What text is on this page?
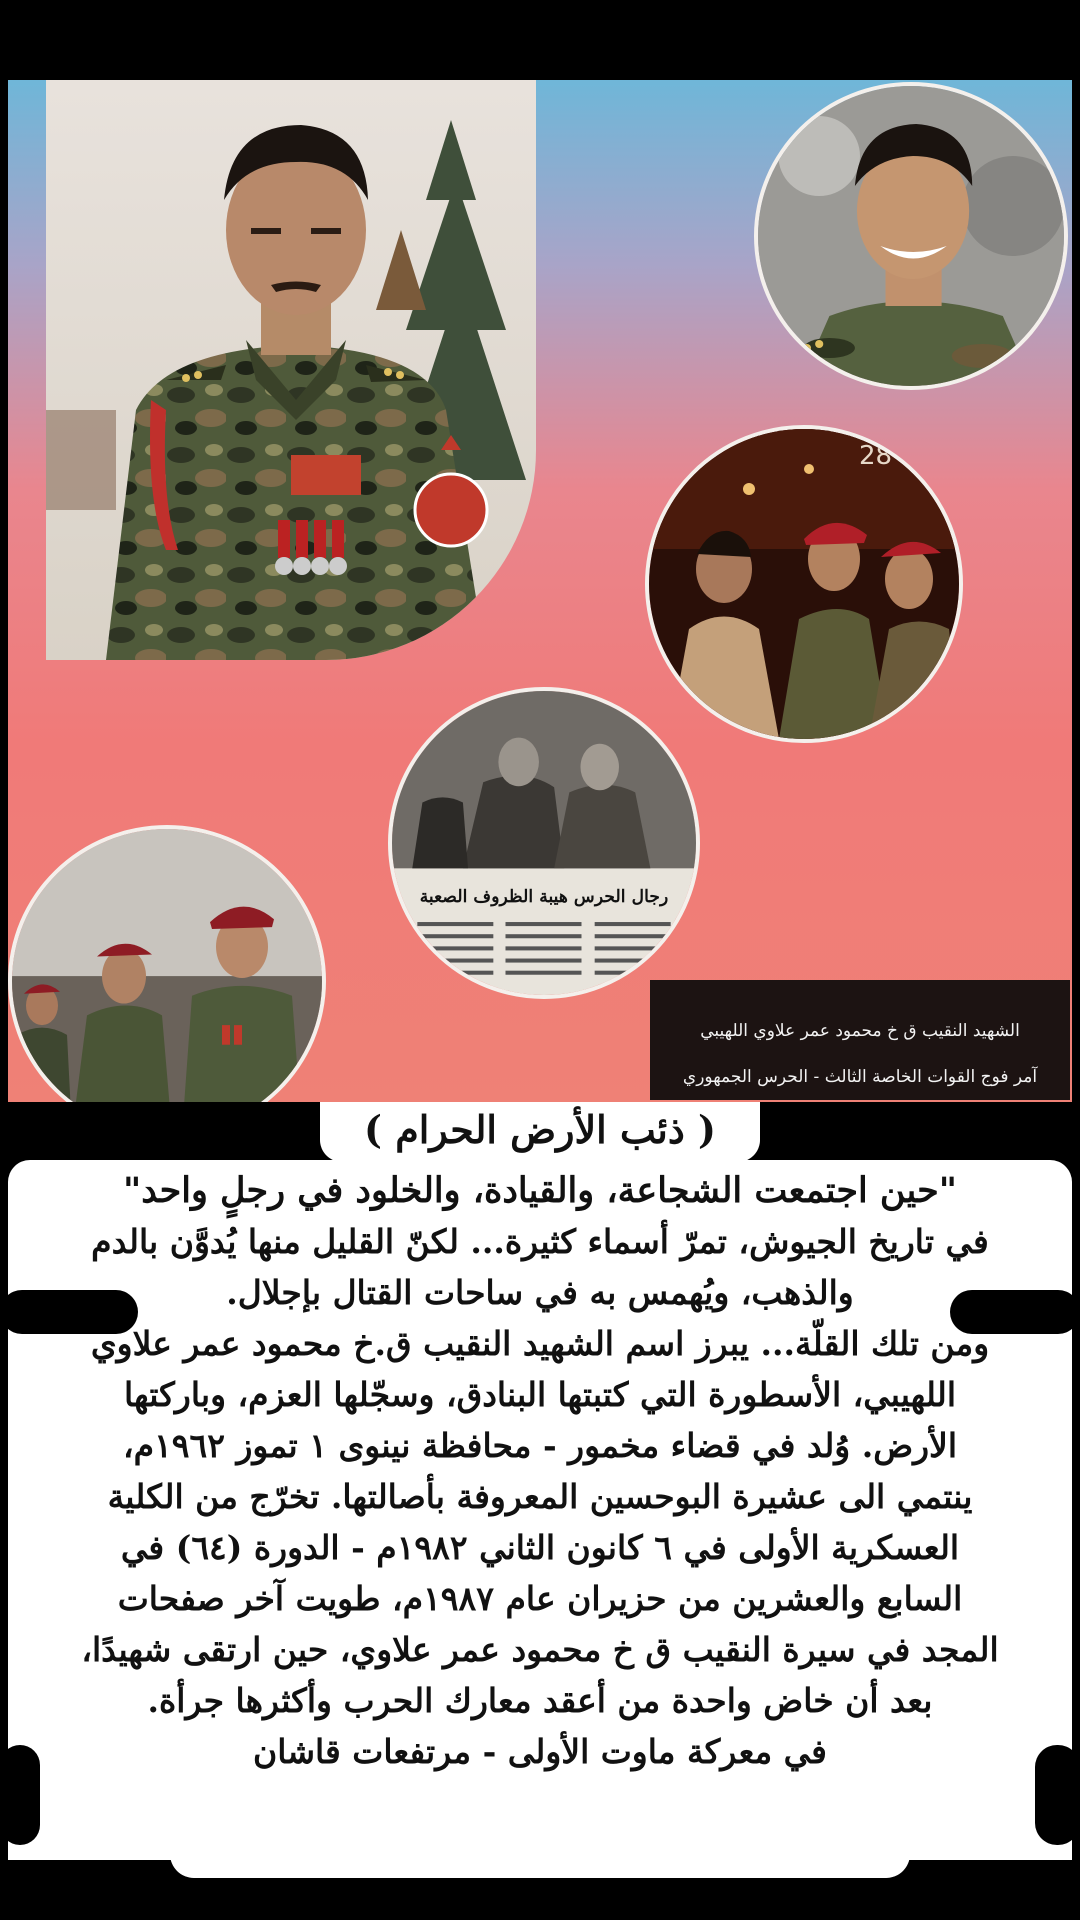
28
رجال الحرس هيبة الظروف الصعبة
الشهيد النقيب ق خ محمود عمر علاوي اللهيبي
آمر فوج القوات الخاصة الثالث - الحرس الجمهوري
( ذئب الأرض الحرام )
"حين اجتمعت الشجاعة، والقيادة، والخلود في رجلٍ واحد"
في تاريخ الجيوش، تمرّ أسماء كثيرة... لكنّ القليل منها يُدوَّن بالدم
والذهب، ويُهمس به في ساحات القتال بإجلال.
ومن تلك القلّة... يبرز اسم الشهيد النقيب ق.خ محمود عمر علاوي
اللهيبي، الأسطورة التي كتبتها البنادق، وسجّلها العزم، وباركتها
الأرض. وُلد في قضاء مخمور - محافظة نينوى ١ تموز ١٩٦٢م،
ينتمي الى عشيرة البوحسين المعروفة بأصالتها. تخرّج من الكلية
العسكرية الأولى في ٦ كانون الثاني ١٩٨٢م - الدورة (٦٤) في
السابع والعشرين من حزيران عام ١٩٨٧م، طويت آخر صفحات
المجد في سيرة النقيب ق خ محمود عمر علاوي، حين ارتقى شهيدًا،
بعد أن خاض واحدة من أعقد معارك الحرب وأكثرها جرأة.
في معركة ماوت الأولى - مرتفعات قاشان
